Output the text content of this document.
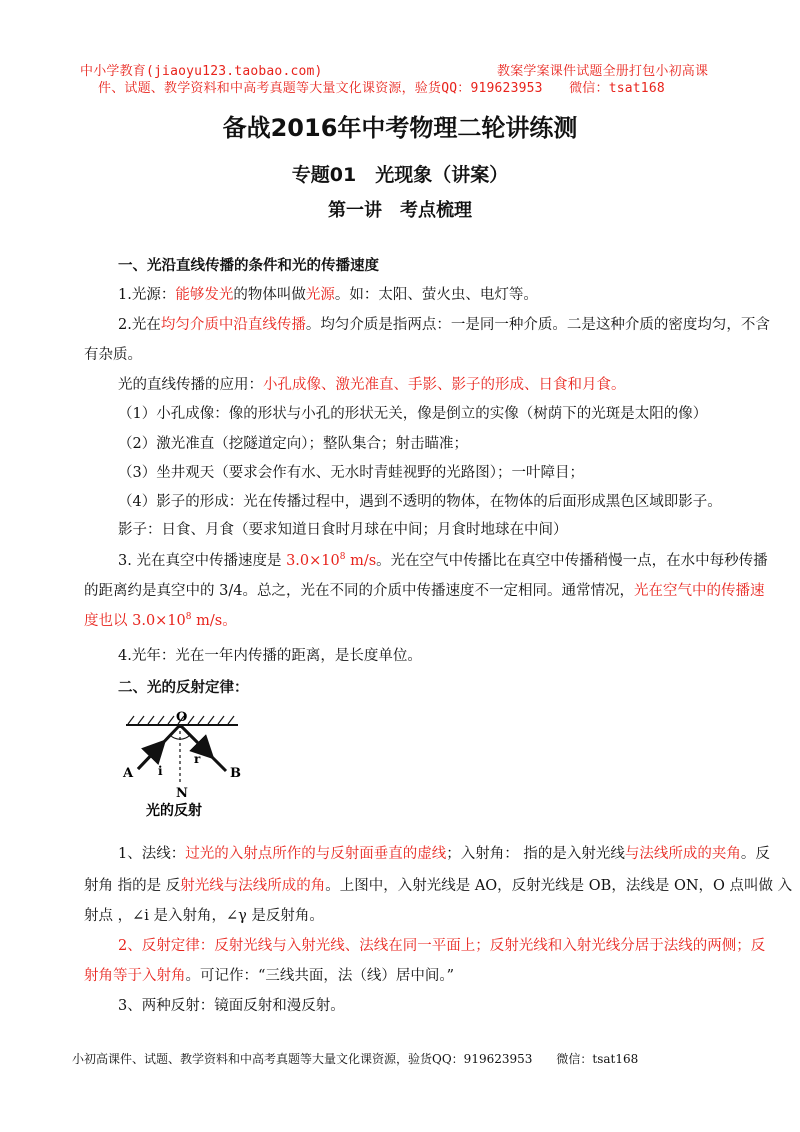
中小学教育(jiaoyu123.taobao.com)	教案学案课件试题全册打包小初高课
件、试题、教学资料和中高考真题等大量文化课资源，验货QQ：919623953　　微信：tsat168
备战2016年中考物理二轮讲练测
专题01　光现象（讲案）
第一讲　考点梳理
一、光沿直线传播的条件和光的传播速度
1.光源：能够发光的物体叫做光源。如：太阳、萤火虫、电灯等。
2.光在均匀介质中沿直线传播。均匀介质是指两点：一是同一种介质。二是这种介质的密度均匀，不含
有杂质。
光的直线传播的应用：小孔成像、激光准直、手影、影子的形成、日食和月食。
（1）小孔成像：像的形状与小孔的形状无关，像是倒立的实像（树荫下的光斑是太阳的像）
（2）激光准直（挖隧道定向）；整队集合；射击瞄准；
（3）坐井观天（要求会作有水、无水时青蛙视野的光路图）；一叶障目；
（4）影子的形成：光在传播过程中，遇到不透明的物体，在物体的后面形成黑色区域即影子。
影子：日食、月食（要求知道日食时月球在中间；月食时地球在中间）
3. 光在真空中传播速度是 $3.0\times 10^8$ m/s。光在空气中传播比在真空中传播稍慢一点，在水中每秒传播
的距离约是真空中的 3/4。总之，光在不同的介质中传播速度不一定相同。通常情况，光在空气中的传播速
度也以 $3.0\times 10^8$ m/s。
4.光年：光在一年内传播的距离，是长度单位。
二、光的反射定律：
O
A	B
N
i
r
光的反射
1、法线：过光的入射点所作的与反射面垂直的虚线；入射角： 指的是入射光线与法线所成的夹角。反
射角 指的是 反射光线与法线所成的角。上图中，入射光线是 AO，反射光线是 OB，法线是 ON，O 点叫做 入
射点 ，∠i 是入射角，∠γ 是反射角。
2、反射定律：反射光线与入射光线、法线在同一平面上；反射光线和入射光线分居于法线的两侧；反
射角等于入射角。可记作：“三线共面，法（线）居中间。”
3、两种反射：镜面反射和漫反射。
小初高课件、试题、教学资料和中高考真题等大量文化课资源，验货QQ：919623953　　微信：tsat168
